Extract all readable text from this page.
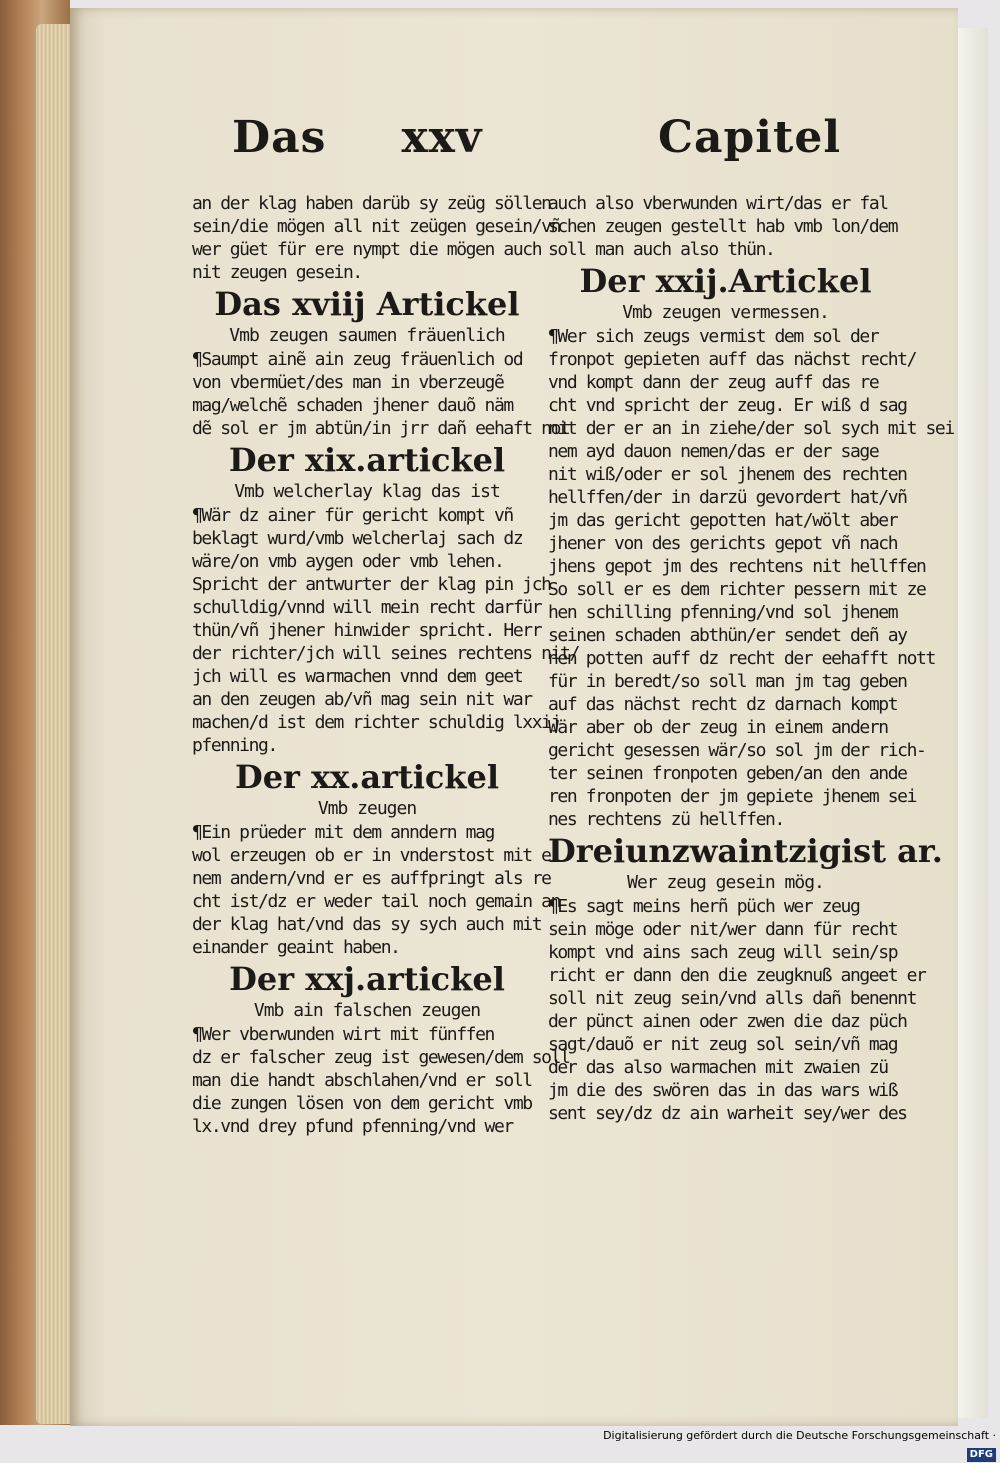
Das xxv
an der klag haben darüb sy zeüg söllen
sein/die mögen all nit zeügen gesein/vñ
wer güet für ere nympt die mögen auch
nit zeugen gesein.
Das xviij Artickel
Vmb zeugen saumen fräuenlich
¶Saumpt ainẽ ain zeug fräuenlich od
von vbermüet/des man in vberzeugẽ
mag/welchẽ schaden jhener dauõ näm
dẽ sol er jm abtün/in jrr dañ eehaft not
Der xix.artickel
Vmb welcherlay klag das ist
¶Wär dz ainer für gericht kompt vñ
beklagt wurd/vmb welcherlaj sach dz
wäre/on vmb aygen oder vmb lehen.
Spricht der antwurter der klag pin jch
schulldig/vnnd will mein recht darfür
thün/vñ jhener hinwider spricht. Herr
der richter/jch will seines rechtens nit/
jch will es warmachen vnnd dem geet
an den zeugen ab/vñ mag sein nit war
machen/d ist dem richter schuldig lxxij
pfenning.
Der xx.artickel
Vmb zeugen
¶Ein prüeder mit dem anndern mag
wol erzeugen ob er in vnderstost mit ei
nem andern/vnd er es auffpringt als re
cht ist/dz er weder tail noch gemain an
der klag hat/vnd das sy sych auch mit
einander geaint haben.
Der xxj.artickel
Vmb ain falschen zeugen
¶Wer vberwunden wirt mit fünffen
dz er falscher zeug ist gewesen/dem soll
man die handt abschlahen/vnd er soll
die zungen lösen von dem gericht vmb
lx.vnd drey pfund pfenning/vnd wer
Capitel
auch also vberwunden wirt/das er fal
schen zeugen gestellt hab vmb lon/dem
soll man auch also thün.
Der xxij.Artickel
Vmb zeugen vermessen.
¶Wer sich zeugs vermist dem sol der
fronpot gepieten auff das nächst recht/
vnd kompt dann der zeug auff das re
cht vnd spricht der zeug. Er wiß d sag
nit der er an in ziehe/der sol sych mit sei
nem ayd dauon nemen/das er der sage
nit wiß/oder er sol jhenem des rechten
hellffen/der in darzü gevordert hat/vñ
jm das gericht gepotten hat/wölt aber
jhener von des gerichts gepot vñ nach
jhens gepot jm des rechtens nit hellffen
So soll er es dem richter pessern mit ze
hen schilling pfenning/vnd sol jhenem
seinen schaden abthün/er sendet deñ ay
nen potten auff dz recht der eehafft nott
für in beredt/so soll man jm tag geben
auf das nächst recht dz darnach kompt
Wär aber ob der zeug in einem andern
gericht gesessen wär/so sol jm der rich-
ter seinen fronpoten geben/an den ande
ren fronpoten der jm gepiete jhenem sei
nes rechtens zü hellffen.
Dreiunzwaintzigist ar.
Wer zeug gesein mög.
¶Es sagt meins herñ püch wer zeug
sein möge oder nit/wer dann für recht
kompt vnd ains sach zeug will sein/sp
richt er dann den die zeugknuß angeet er
soll nit zeug sein/vnd alls dañ benennt
der pünct ainen oder zwen die daz püch
sagt/dauõ er nit zeug sol sein/vñ mag
der das also warmachen mit zwaien zü
jm die des swören das in das wars wiß
sent sey/dz dz ain warheit sey/wer des
Digitalisierung gefördert durch die Deutsche Forschungsgemeinschaft ·DFG
